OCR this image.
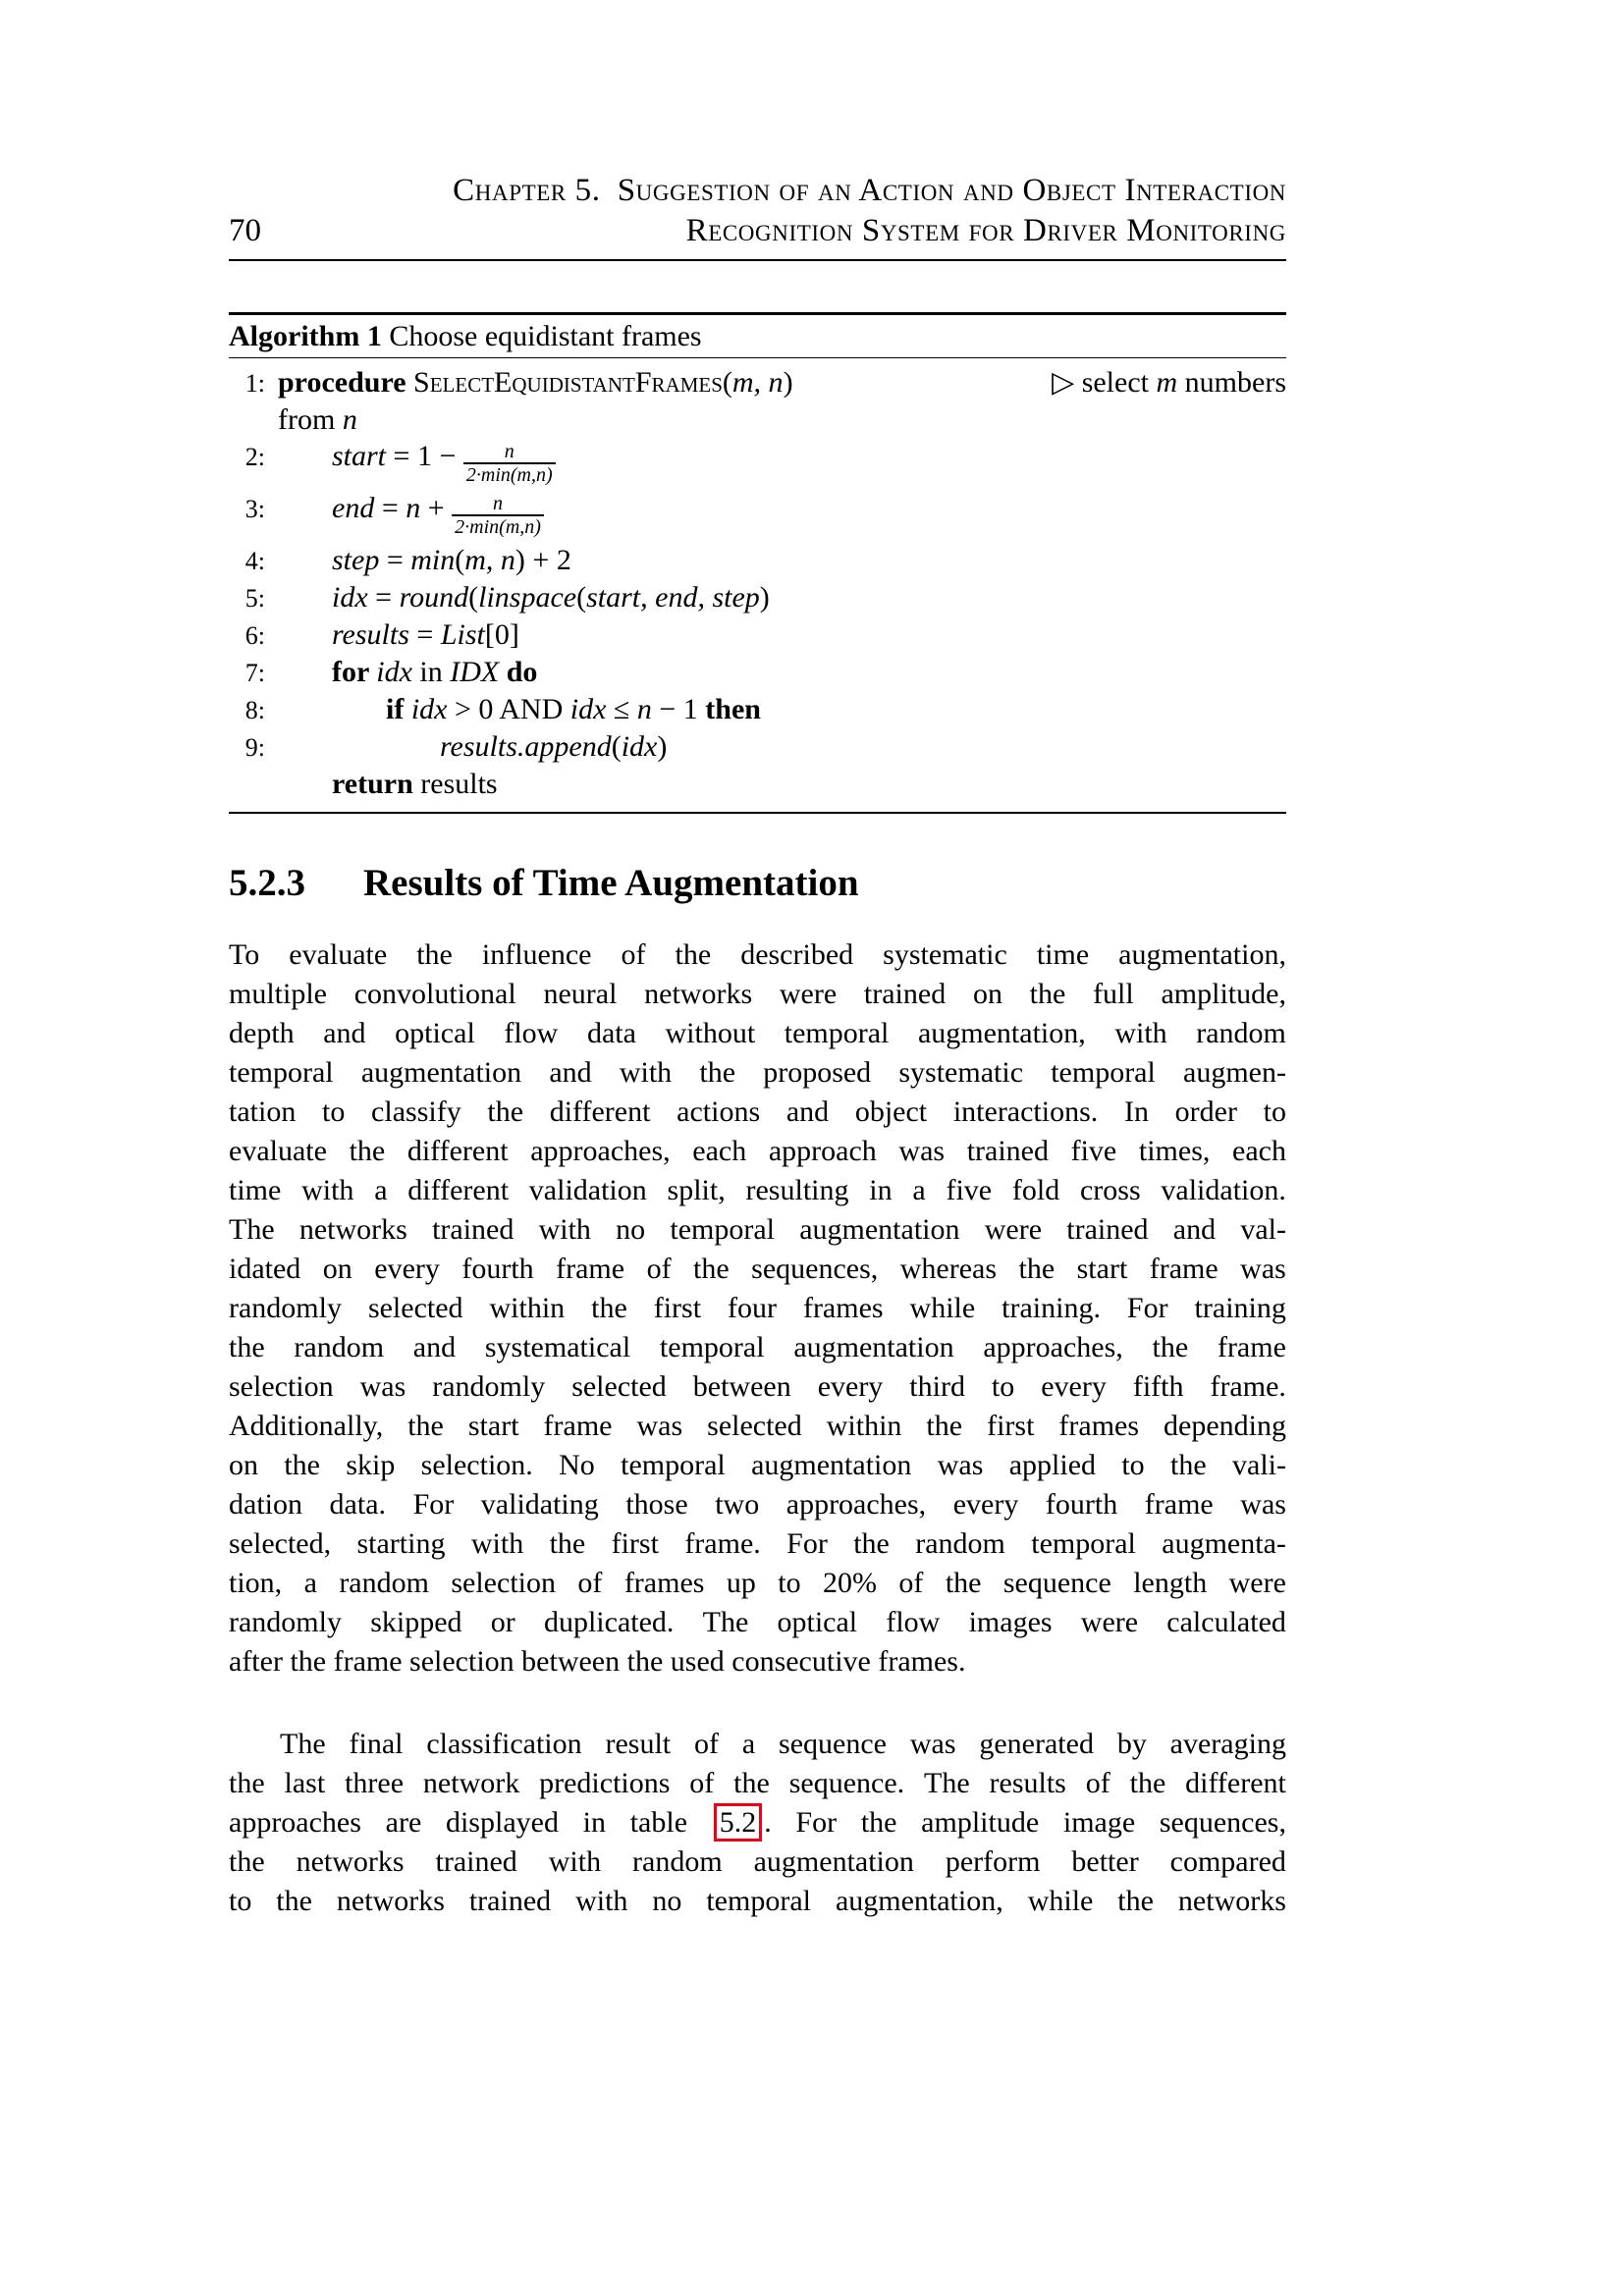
Chapter 5. Suggestion of an Action and Object Interaction
Recognition System for Driver Monitoring
70
Algorithm 1 Choose equidistant frames
1: procedure SelectEquidistantFrames(m, n)	▷ select m numbers
from n
2: start = $1 - \frac{n}{2\cdot\min(m,n)}$
3: end = $n + \frac{n}{2\cdot\min(m,n)}$
4: step = min(m, n) + 2
5: idx = round(linspace(start, end, step)
6: results = List[0]
7: for idx in IDX do
8:	if idx > 0 AND idx ≤ n − 1 then
9:	results.append(idx)
return results
5.2.3 Results of Time Augmentation
To evaluate the influence of the described systematic time augmentation,
multiple convolutional neural networks were trained on the full amplitude,
depth and optical flow data without temporal augmentation, with random
temporal augmentation and with the proposed systematic temporal augmen-
tation to classify the different actions and object interactions. In order to
evaluate the different approaches, each approach was trained five times, each
time with a different validation split, resulting in a five fold cross validation.
The networks trained with no temporal augmentation were trained and val-
idated on every fourth frame of the sequences, whereas the start frame was
randomly selected within the first four frames while training. For training
the random and systematical temporal augmentation approaches, the frame
selection was randomly selected between every third to every fifth frame.
Additionally, the start frame was selected within the first frames depending
on the skip selection. No temporal augmentation was applied to the vali-
dation data. For validating those two approaches, every fourth frame was
selected, starting with the first frame. For the random temporal augmenta-
tion, a random selection of frames up to 20% of the sequence length were
randomly skipped or duplicated. The optical flow images were calculated
after the frame selection between the used consecutive frames.
The final classification result of a sequence was generated by averaging
the last three network predictions of the sequence. The results of the different
approaches are displayed in table 5.2 . For the amplitude image sequences,
the networks trained with random augmentation perform better compared
to the networks trained with no temporal augmentation, while the networks
